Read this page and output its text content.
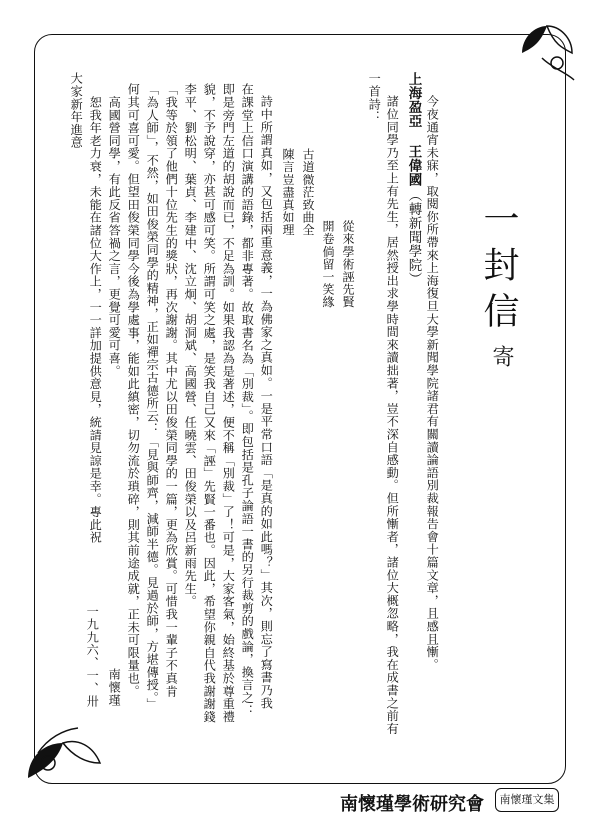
一封信
寄
上海盈亞 王偉國
（轉新聞學院） 今夜通宵未寐，取閱你所帶來上海復旦大學新聞學院諸君有關讀論語別裁報告會十篇文章，且感且慚。
諸位同學乃至上有先生，居然授出求學時間來讀拙著，豈不深自感動。但所慚者，諸位大概忽略，我在成書之前有
一首詩：
從來學術誣先賢
開卷倘留一笑緣
古道微茫致曲全
陳言豈盡真如理
詩中所謂真如，又包括兩重意義，一為佛家之真如。一是平常口語「是真的如此嗎？」其次，則忘了寫書乃我
在課堂上信口演講的語錄，都非專著。故取書名為「別裁」。即包括是孔子論語一書的另行裁剪的戲論，換言之：
即是旁門左道的胡說而已，不足為訓。如果我認為是著述，便不稱「別裁」了！可是，大家客氣，始終基於尊重禮
貌，不予說穿，亦甚可感可笑。所謂可笑之處，是笑我自己又來「誣」先賢一番也。因此，希望你親自代我謝謝錢
李平、劉松明、葉貞、李建中、沈立炯、胡洞斌、高國營、任曉雲、田俊榮以及呂新雨先生。
「我等於領了他們十位先生的獎狀，再次謝謝。其中尤以田俊榮同學的一篇，更為欣賞。可惜我一輩子不真肯
「為人師」，不然，如田俊榮同學的精神，正如禪宗古德所云：「見與師齊，減師半德。見過於師，方堪傳授。」
何其可喜可愛。但望田俊榮同學今後為學處事，能如此縝密，切勿流於瑣碎，則其前途成就，正未可限量也。
　高國營同學，有此反省答禍之言，更覺可愛可喜。
　恕我年老力衰，未能在諸位大作上，一一詳加提供意見，統請見諒是幸。專此祝
大家新年進意
南懷瑾
一九九六、一、卅
南懷瑾學術研究會	南懷瑾文集
